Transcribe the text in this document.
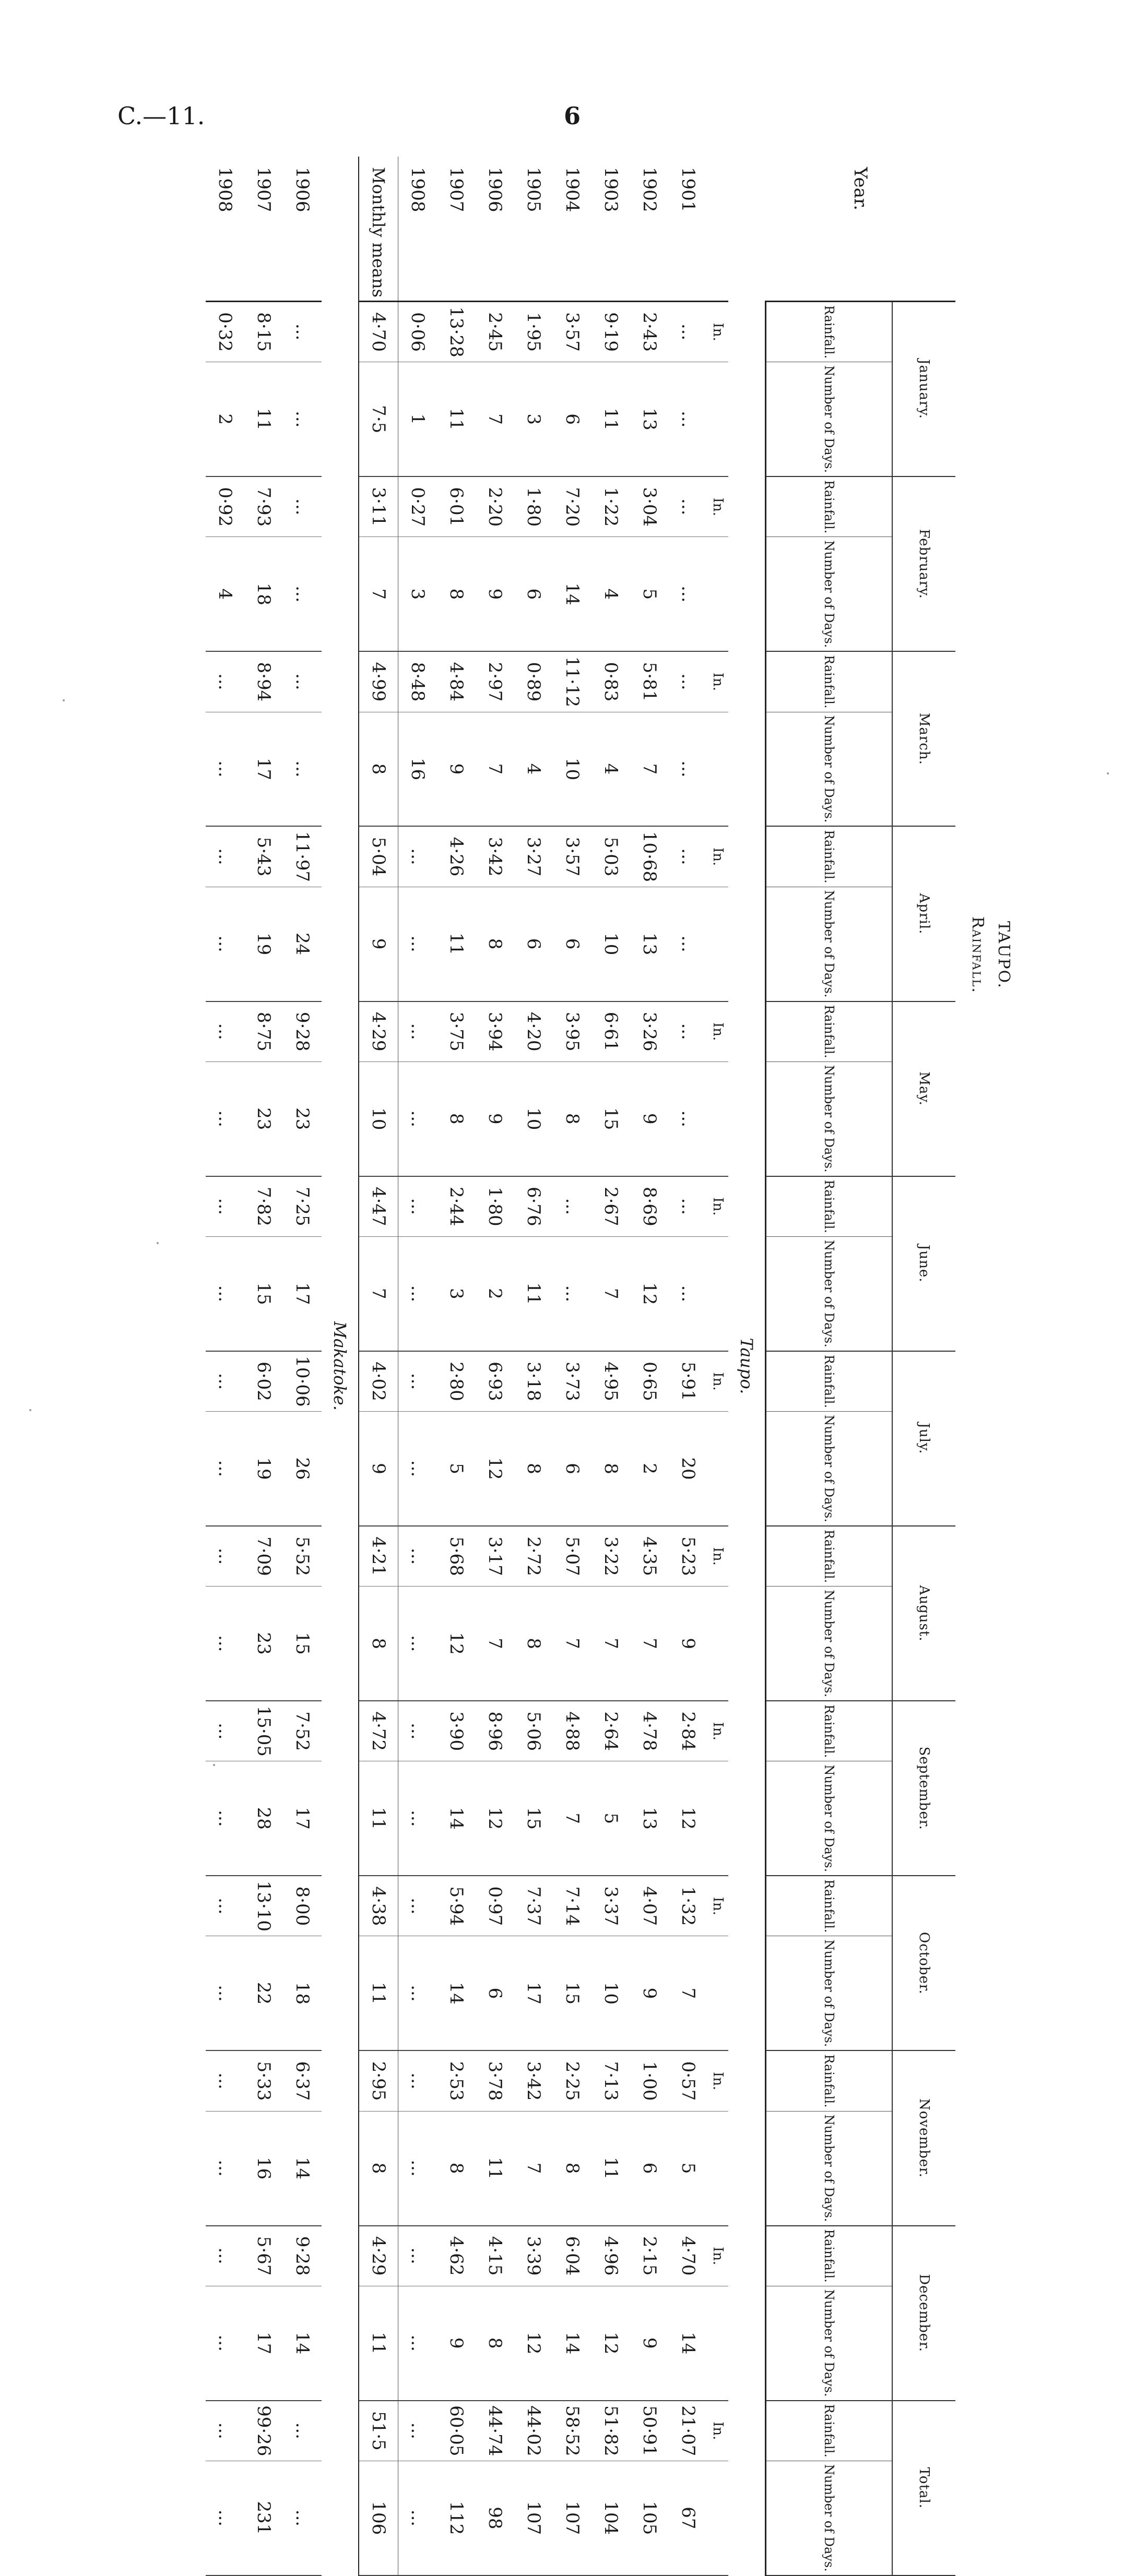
C.—11.	6
TAUPO.
Rainfall.
Year.	January.		February.		March.		April.		May.		June.		July.		August.		September.		October.		November.		December.		Total.	
	Rainfall.	Number of Days.	Rainfall.	Number of Days.	Rainfall.	Number of Days.	Rainfall.	Number of Days.	Rainfall.	Number of Days.	Rainfall.	Number of Days.	Rainfall.	Number of Days.	Rainfall.	Number of Days.	Rainfall.	Number of Days.	Rainfall.	Number of Days.	Rainfall.	Number of Days.	Rainfall.	Number of Days.	Rainfall.	Number of Days.
Taupo.																										
	In.		In.		In.		In.		In.		In.		In.		In.		In.		In.		In.		In.		In.	
1901	...	...	...	...	...	...	...	...	...	...	...	...	5·91	20	5·23	9	2·84	12	1·32	7	0·57	5	4·70	14	21·07	67
1902	2·43	13	3·04	5	5·81	7	10·68	13	3·26	9	8·69	12	0·65	2	4·35	7	4·78	13	4·07	9	1·00	6	2·15	9	50·91	105
1903	9·19	11	1·22	4	0·83	4	5·03	10	6·61	15	2·67	7	4·95	8	3·22	7	2·64	5	3·37	10	7·13	11	4·96	12	51·82	104
1904	3·57	6	7·20	14	11·12	10	3·57	6	3·95	8	...	...	3·73	6	5·07	7	4·88	7	7·14	15	2·25	8	6·04	14	58·52	107
1905	1·95	3	1·80	6	0·89	4	3·27	6	4·20	10	6·76	11	3·18	8	2·72	8	5·06	15	7·37	17	3·42	7	3·39	12	44·02	107
1906	2·45	7	2·20	9	2·97	7	3·42	8	3·94	9	1·80	2	6·93	12	3·17	7	8·96	12	0·97	6	3·78	11	4·15	8	44·74	98
1907	13·28	11	6·01	8	4·84	9	4·26	11	3·75	8	2·44	3	2·80	5	5·68	12	3·90	14	5·94	14	2·53	8	4·62	9	60·05	112
1908	0·06	1	0·27	3	8·48	16	...	...	...	...	...	...	...	...	...	...	...	...	...	...	...	...	...	...	...	...
Monthly means	4·70	7·5	3·11	7	4·99	8	5·04	9	4·29	10	4·47	7	4·02	9	4·21	8	4·72	11	4·38	11	2·95	8	4·29	11	51·5	106
Makatoke.																										
1906	...	...	...	...	...	...	11·97	24	9·28	23	7·25	17	10·06	26	5·52	15	7·52	17	8·00	18	6·37	14	9·28	14	...	...
1907	8·15	11	7·93	18	8·94	17	5·43	19	8·75	23	7·82	15	6·02	19	7·09	23	15·05	28	13·10	22	5·33	16	5·67	17	99·26	231
1908	0·32	2	0·92	4	...	...	...	...	...	...	...	...	...	...	...	...	...	...	...	...	...	...	...	...	...	...
